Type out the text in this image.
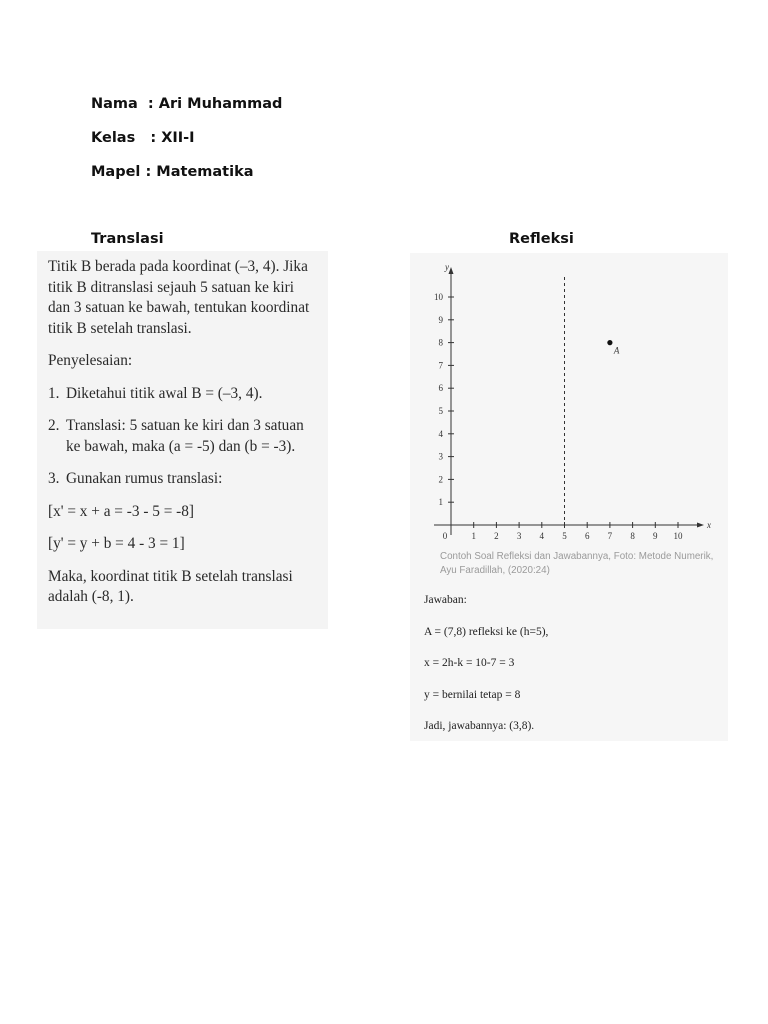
Nama  : Ari Muhammad
Kelas   : XII-I
Mapel : Matematika
Translasi	Refleksi

Titik B berada pada koordinat (–3, 4). Jika titik B ditranslasi sejauh 5 satuan ke kiri dan 3 satuan ke bawah, tentukan koordinat titik B setelah translasi.

Penyelesaian:

1. Diketahui titik awal B = (–3, 4).
2. Translasi: 5 satuan ke kiri dan 3 satuan ke bawah, maka (a = -5) dan (b = -3).
3. Gunakan rumus translasi:

[x' = x + a = -3 - 5 = -8]

[y' = y + b = 4 - 3 = 1]

Maka, koordinat titik B setelah translasi adalah (-8, 1).

x
y
0	1 2 3 4 5 6 7 8 9 10
1
2
3
4
5
6
7
8
9
10
A
Contoh Soal Refleksi dan Jawabannya, Foto: Metode Numerik, Ayu Faradillah, (2020:24)

Jawaban:

A = (7,8) refleksi ke (h=5),

x = 2h-k = 10-7 = 3

y = bernilai tetap = 8

Jadi, jawabannya: (3,8).
